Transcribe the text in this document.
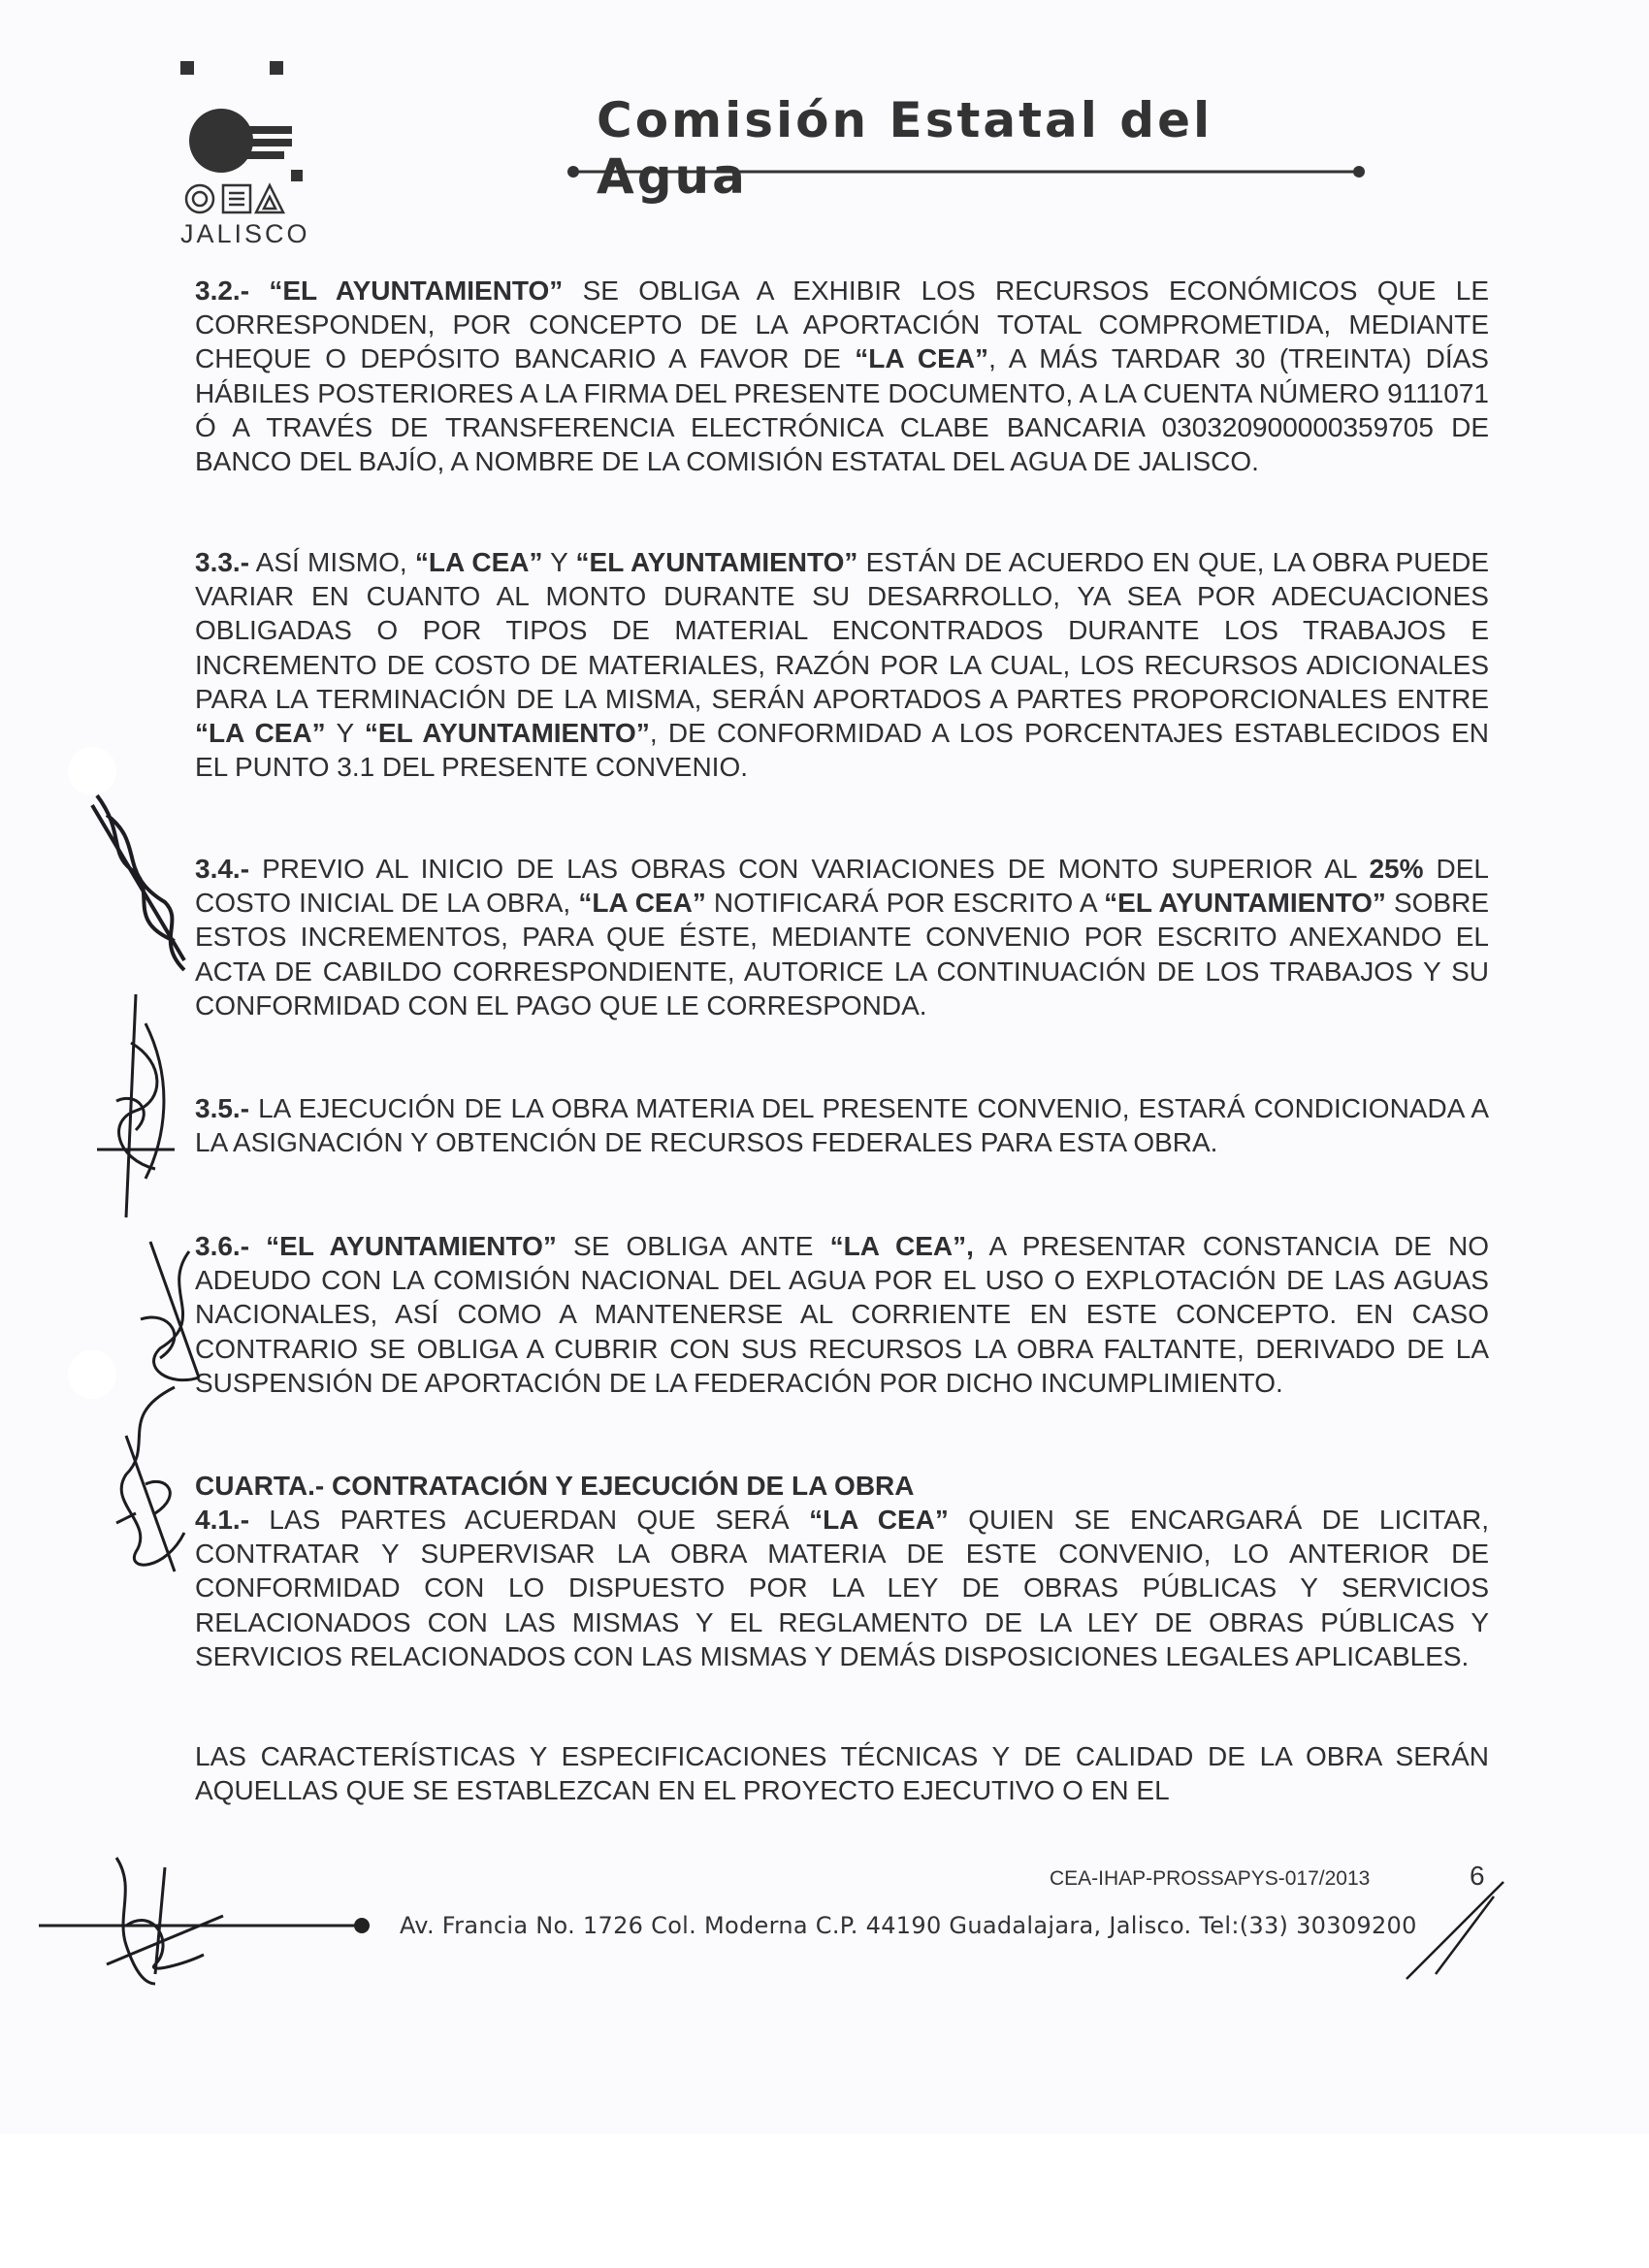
JALISCO
Comisión Estatal del Agua

3.2.- “EL AYUNTAMIENTO” SE OBLIGA A EXHIBIR LOS RECURSOS ECONÓMICOS QUE LE CORRESPONDEN, POR CONCEPTO DE LA APORTACIÓN TOTAL COMPROMETIDA, MEDIANTE CHEQUE O DEPÓSITO BANCARIO A FAVOR DE “LA CEA”, A MÁS TARDAR 30 (TREINTA) DÍAS HÁBILES POSTERIORES A LA FIRMA DEL PRESENTE DOCUMENTO, A LA CUENTA NÚMERO 9111071 Ó A TRAVÉS DE TRANSFERENCIA ELECTRÓNICA CLABE BANCARIA 030320900000359705 DE BANCO DEL BAJÍO, A NOMBRE DE LA COMISIÓN ESTATAL DEL AGUA DE JALISCO.

3.3.- ASÍ MISMO, “LA CEA” Y “EL AYUNTAMIENTO” ESTÁN DE ACUERDO EN QUE, LA OBRA PUEDE VARIAR EN CUANTO AL MONTO DURANTE SU DESARROLLO, YA SEA POR ADECUACIONES OBLIGADAS O POR TIPOS DE MATERIAL ENCONTRADOS DURANTE LOS TRABAJOS E INCREMENTO DE COSTO DE MATERIALES, RAZÓN POR LA CUAL, LOS RECURSOS ADICIONALES PARA LA TERMINACIÓN DE LA MISMA, SERÁN APORTADOS A PARTES PROPORCIONALES ENTRE “LA CEA” Y “EL AYUNTAMIENTO”, DE CONFORMIDAD A LOS PORCENTAJES ESTABLECIDOS EN EL PUNTO 3.1 DEL PRESENTE CONVENIO.

3.4.- PREVIO AL INICIO DE LAS OBRAS CON VARIACIONES DE MONTO SUPERIOR AL 25% DEL COSTO INICIAL DE LA OBRA, “LA CEA” NOTIFICARÁ POR ESCRITO A “EL AYUNTAMIENTO” SOBRE ESTOS INCREMENTOS, PARA QUE ÉSTE, MEDIANTE CONVENIO POR ESCRITO ANEXANDO EL ACTA DE CABILDO CORRESPONDIENTE, AUTORICE LA CONTINUACIÓN DE LOS TRABAJOS Y SU CONFORMIDAD CON EL PAGO QUE LE CORRESPONDA.

3.5.- LA EJECUCIÓN DE LA OBRA MATERIA DEL PRESENTE CONVENIO, ESTARÁ CONDICIONADA A LA ASIGNACIÓN Y OBTENCIÓN DE RECURSOS FEDERALES PARA ESTA OBRA.

3.6.- “EL AYUNTAMIENTO” SE OBLIGA ANTE “LA CEA”, A PRESENTAR CONSTANCIA DE NO ADEUDO CON LA COMISIÓN NACIONAL DEL AGUA POR EL USO O EXPLOTACIÓN DE LAS AGUAS NACIONALES, ASÍ COMO A MANTENERSE AL CORRIENTE EN ESTE CONCEPTO. EN CASO CONTRARIO SE OBLIGA A CUBRIR CON SUS RECURSOS LA OBRA FALTANTE, DERIVADO DE LA SUSPENSIÓN DE APORTACIÓN DE LA FEDERACIÓN POR DICHO INCUMPLIMIENTO.

CUARTA.- CONTRATACIÓN Y EJECUCIÓN DE LA OBRA

4.1.- LAS PARTES ACUERDAN QUE SERÁ “LA CEA” QUIEN SE ENCARGARÁ DE LICITAR, CONTRATAR Y SUPERVISAR LA OBRA MATERIA DE ESTE CONVENIO, LO ANTERIOR DE CONFORMIDAD CON LO DISPUESTO POR LA LEY DE OBRAS PÚBLICAS Y SERVICIOS RELACIONADOS CON LAS MISMAS Y EL REGLAMENTO DE LA LEY DE OBRAS PÚBLICAS Y SERVICIOS RELACIONADOS CON LAS MISMAS Y DEMÁS DISPOSICIONES LEGALES APLICABLES.

LAS CARACTERÍSTICAS Y ESPECIFICACIONES TÉCNICAS Y DE CALIDAD DE LA OBRA SERÁN AQUELLAS QUE SE ESTABLEZCAN EN EL PROYECTO EJECUTIVO O EN EL
CEA-IHAP-PROSSAPYS-017/2013	6
Av. Francia No. 1726 Col. Moderna C.P. 44190 Guadalajara, Jalisco. Tel:(33) 30309200
